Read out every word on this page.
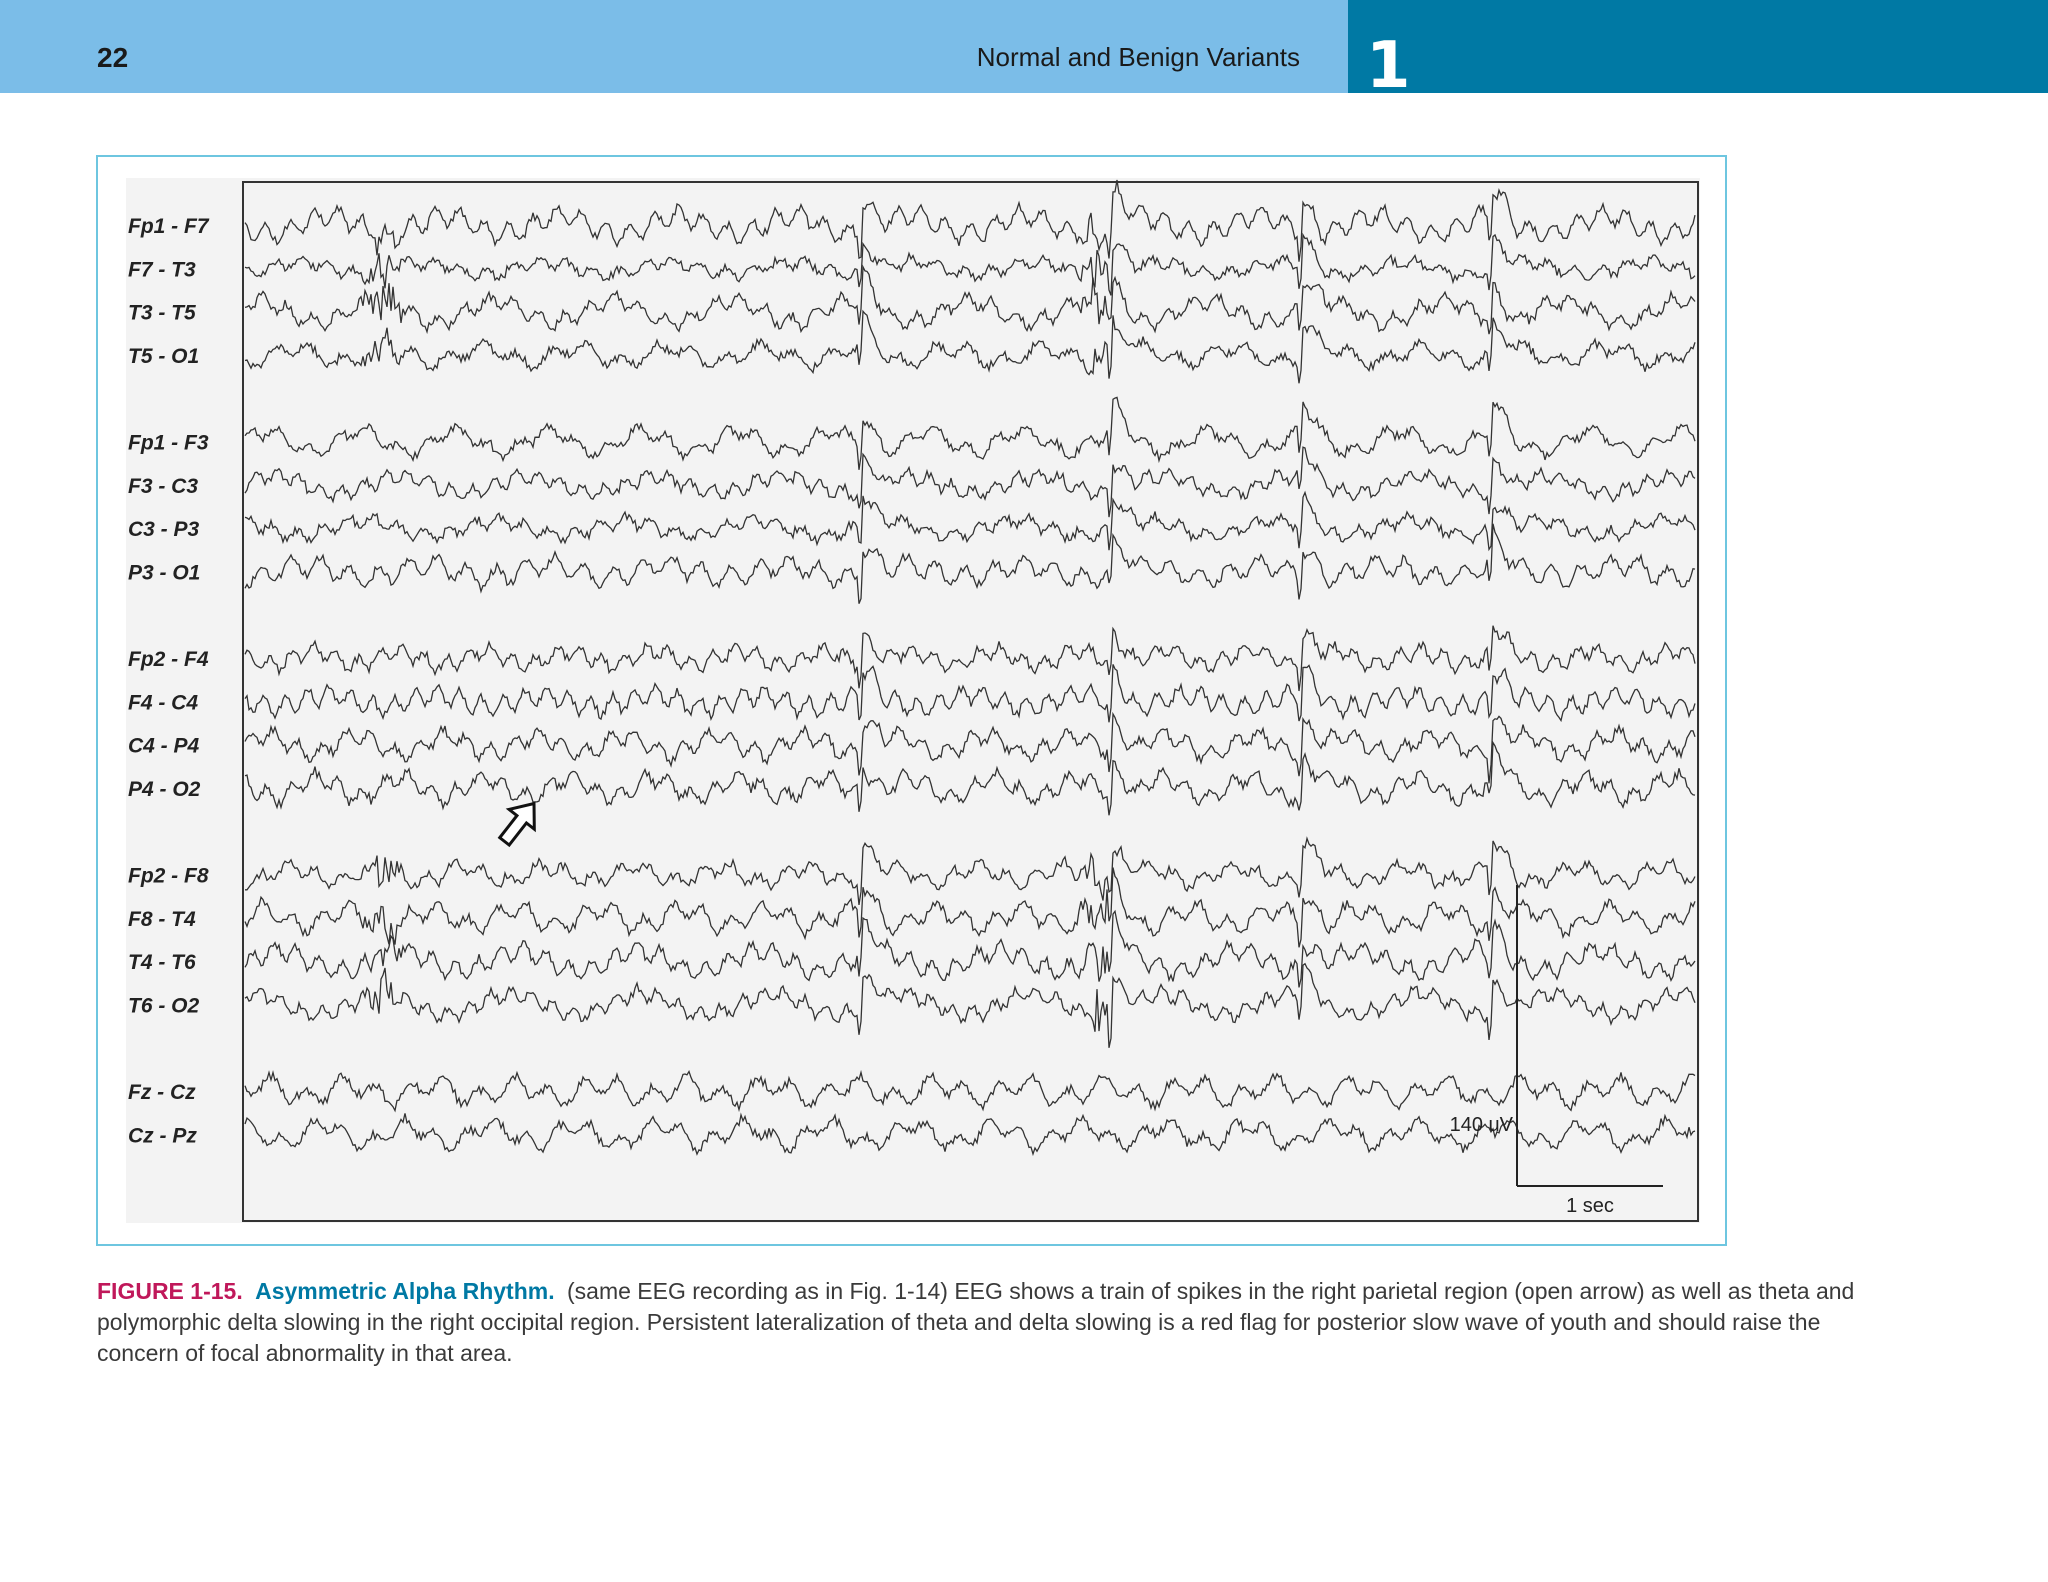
22	Normal and Benign Variants 1
Fp1 - F7
F7 - T3
T3 - T5
T5 - O1
Fp1 - F3
F3 - C3
C3 - P3
P3 - O1
Fp2 - F4
F4 - C4
C4 - P4
P4 - O2
Fp2 - F8
F8 - T4
T4 - T6
T6 - O2
Fz - Cz
Cz - Pz	140 uV
1 sec
FIGURE 1-15. Asymmetric Alpha Rhythm. (same EEG recording as in Fig. 1-14) EEG shows a train of spikes in the right parietal region (open arrow) as well as theta and polymorphic delta slowing in the right occipital region. Persistent lateralization of theta and delta slowing is a red flag for posterior slow wave of youth and should raise the concern of focal abnormality in that area.
